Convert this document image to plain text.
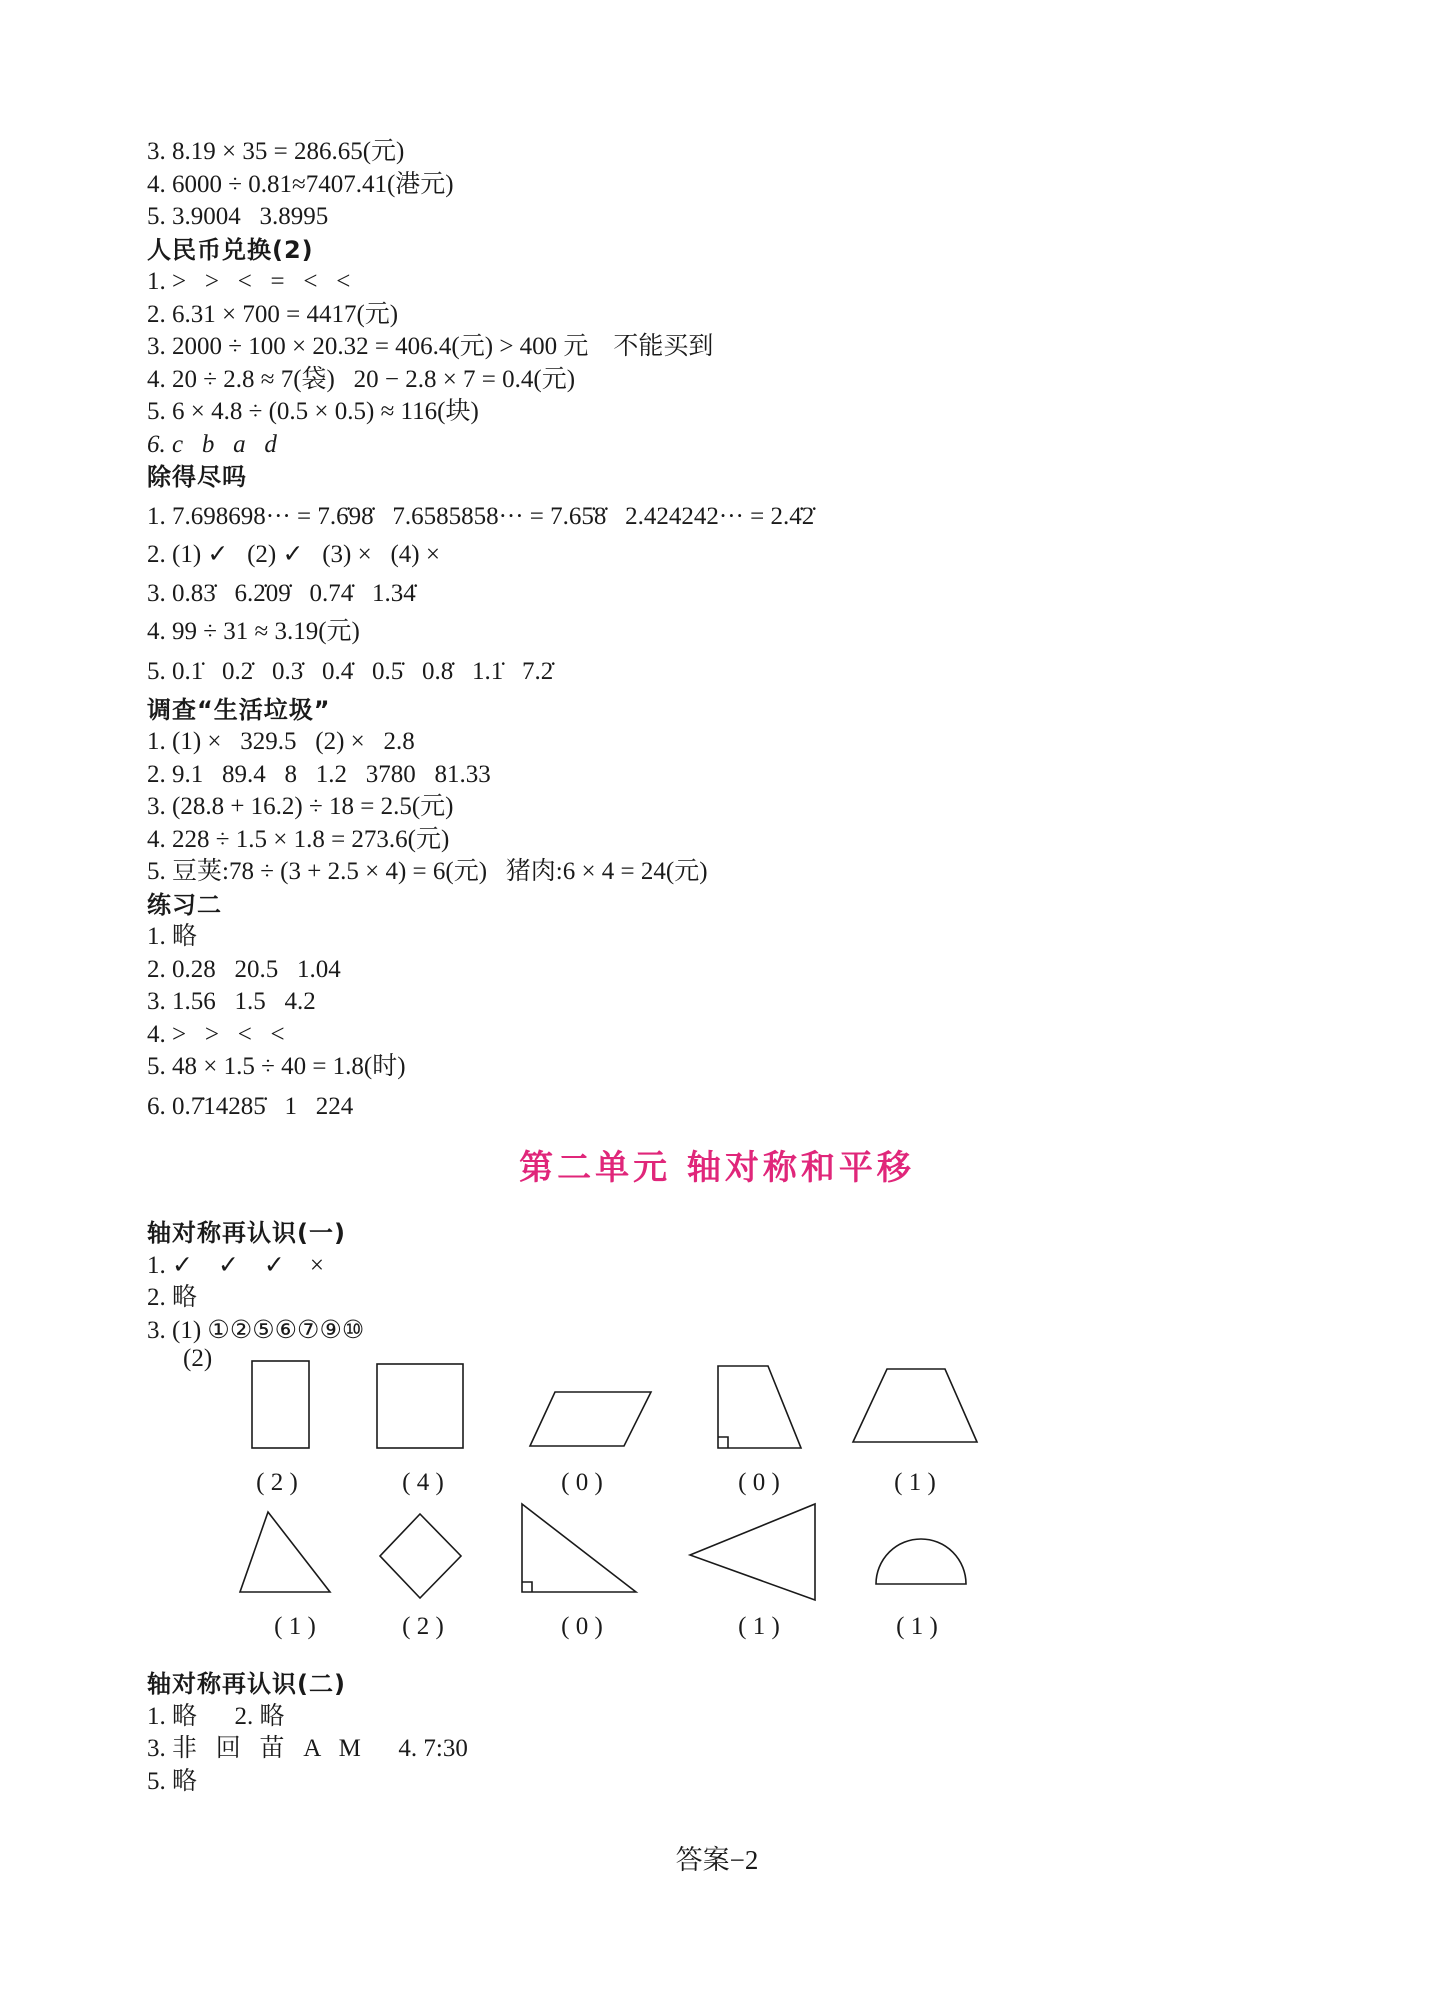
3. 8.19 × 35 = 286.65(元)
4. 6000 ÷ 0.81≈7407.41(港元)
5. 3.9004   3.8995
人民币兑换(2)
1. >   >   <   =   <   <
2. 6.31 × 700 = 4417(元)
3. 2000 ÷ 100 × 20.32 = 406.4(元) > 400 元    不能买到
4. 20 ÷ 2.8 ≈ 7(袋)   20 − 2.8 × 7 = 0.4(元)
5. 6 × 4.8 ÷ (0.5 × 0.5) ≈ 116(块)
6. c   b   a   d
除得尽吗
1. 7.698698··· = 7.6̇98̇   7.6585858··· = 7.65̇8̇   2.424242··· = 2.4̇2̇
2. (1) ✓   (2) ✓   (3) ×   (4) ×
3. 0.83̇   6.2̇09̇   0.74̇   1.34̇
4. 99 ÷ 31 ≈ 3.19(元)
5. 0.1̇   0.2̇   0.3̇   0.4̇   0.5̇   0.8̇   1.1̇   7.2̇
调查“生活垃圾”
1. (1) ×   329.5   (2) ×   2.8
2. 9.1   89.4   8   1.2   3780   81.33
3. (28.8 + 16.2) ÷ 18 = 2.5(元)
4. 228 ÷ 1.5 × 1.8 = 273.6(元)
5. 豆荚:78 ÷ (3 + 2.5 × 4) = 6(元)   猪肉:6 × 4 = 24(元)
练习二
1. 略
2. 0.28   20.5   1.04
3. 1.56   1.5   4.2
4. >   >   <   <
5. 48 × 1.5 ÷ 40 = 1.8(时)
6. 0.7̇14285̇   1   224
第二单元 轴对称和平移
轴对称再认识(一)
1. ✓    ✓    ✓    ×
2. 略
3. (1) ①②⑤⑥⑦⑨⑩
(2)
( 2 )	( 4 )	( 0 )	( 0 )	( 1 )
( 1 )	( 2 )	( 0 )	( 1 )	( 1 )
轴对称再认识(二)
1. 略      2. 略
3. 非   回   苗   A   M      4. 7:30
5. 略
答案−2
